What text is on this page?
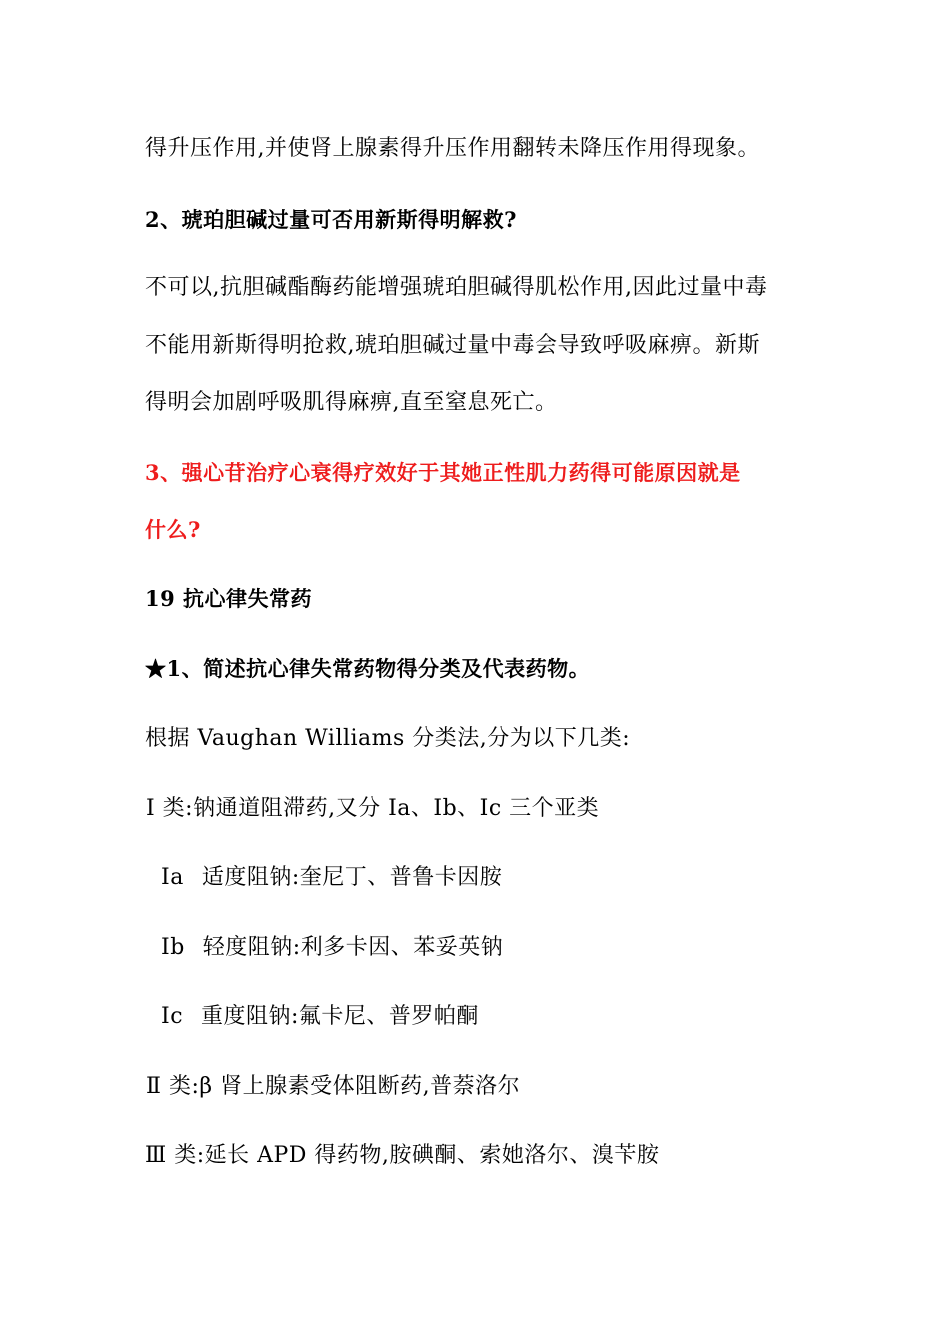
得升压作用,并使肾上腺素得升压作用翻转未降压作用得现象。
2、琥珀胆碱过量可否用新斯得明解救?
不可以,抗胆碱酯酶药能增强琥珀胆碱得肌松作用,因此过量中毒
不能用新斯得明抢救,琥珀胆碱过量中毒会导致呼吸麻痹。新斯
得明会加剧呼吸肌得麻痹,直至窒息死亡。
3、强心苷治疗心衰得疗效好于其她正性肌力药得可能原因就是
什么?
19 抗心律失常药
★1、简述抗心律失常药物得分类及代表药物。
根据 Vaughan Williams 分类法,分为以下几类:
Ⅰ 类:钠通道阻滞药,又分 Ia、Ib、Ic 三个亚类
Ia 适度阻钠:奎尼丁、普鲁卡因胺
Ib 轻度阻钠:利多卡因、苯妥英钠
Ic 重度阻钠:氟卡尼、普罗帕酮
Ⅱ 类:β 肾上腺素受体阻断药,普萘洛尔
Ⅲ 类:延长 APD 得药物,胺碘酮、索她洛尔、溴苄胺
